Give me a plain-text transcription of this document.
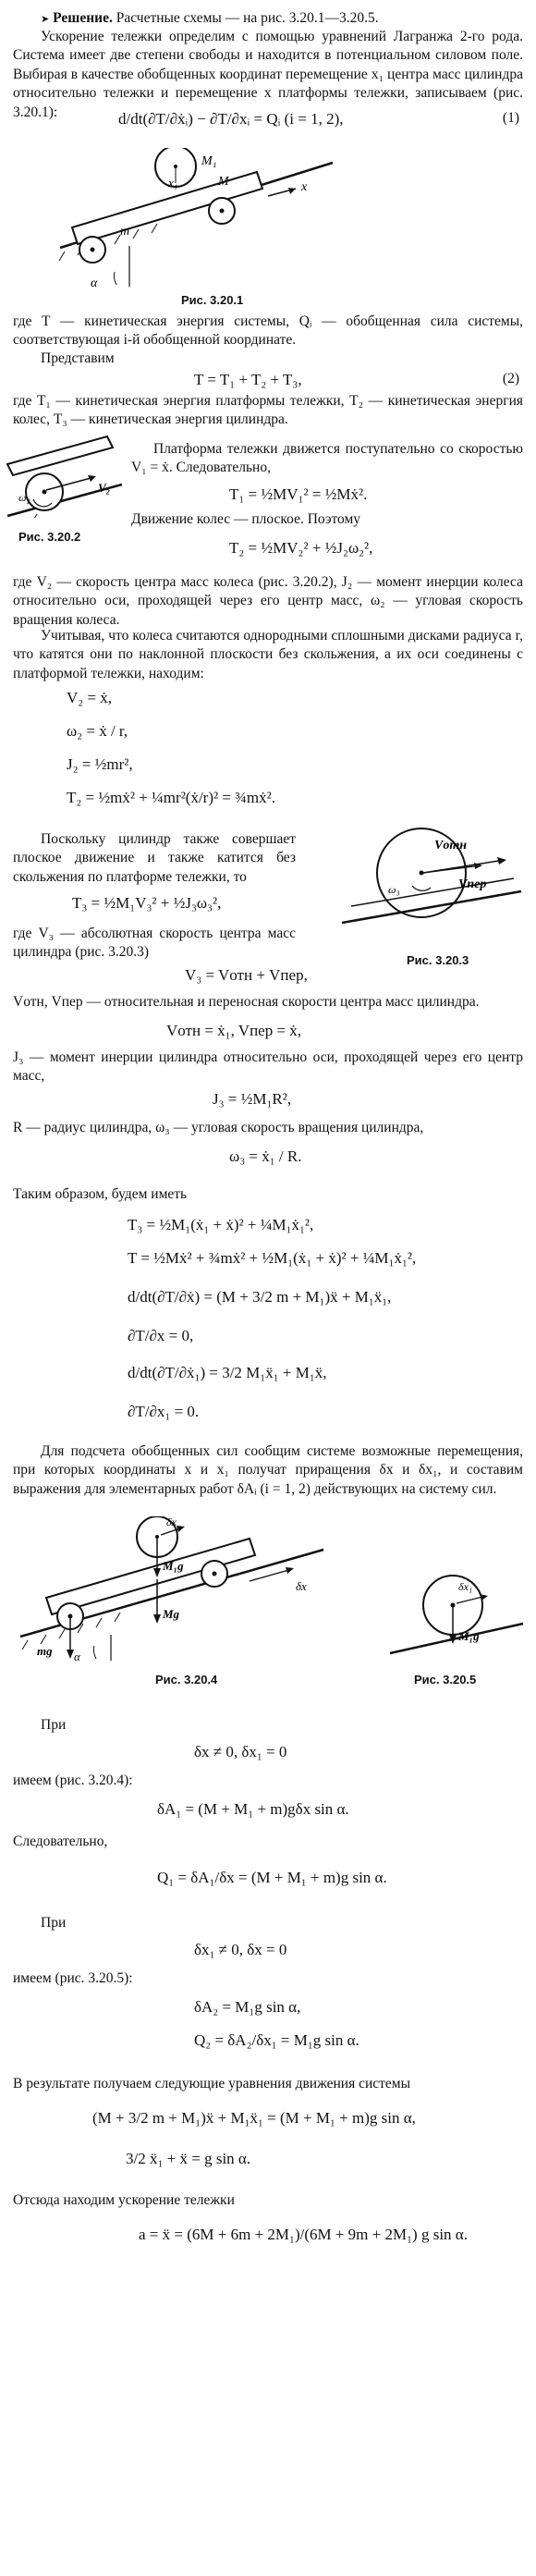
➤ Решение. Расчетные схемы — на рис. 3.20.1—3.20.5.
Ускорение тележки определим с помощью уравнений Лагранжа 2-го рода. Система имеет две степени свободы и находится в потенциальном силовом поле. Выбирая в качестве обобщенных координат перемещение x₁ центра масс цилиндра относительно тележки и перемещение x платформы тележки, записываем (рис. 3.20.1):	d/dt(∂T/∂ẋᵢ) − ∂T/∂xᵢ = Qᵢ (i = 1, 2),	(1)
M₁
x₁	M
m
x
α
Рис. 3.20.1
где T — кинетическая энергия системы, Qᵢ — обобщенная сила системы, соответствующая i-й обобщенной координате.
Представим
T = T₁ + T₂ + T₃,	(2)
где T₁ — кинетическая энергия платформы тележки, T₂ — кинетическая энергия колес, T₃ — кинетическая энергия цилиндра.
ω₂
V₂
Рис. 3.20.2
Платформа тележки движется поступательно со скоростью V₁ = ẋ. Следовательно,
T₁ = ½MV₁² = ½Mẋ².
Движение колес — плоское. Поэтому
T₂ = ½MV₂² + ½J₂ω₂²,
где V₂ — скорость центра масс колеса (рис. 3.20.2), J₂ — момент инерции колеса относительно оси, проходящей через его центр масс, ω₂ — угловая скорость вращения колеса.
Учитывая, что колеса считаются однородными сплошными дисками радиуса r, что катятся они по наклонной плоскости без скольжения, а их оси соединены с платформой тележки, находим:
V₂ = ẋ,
ω₂ = ẋ / r,
J₂ = ½mr²,
T₂ = ½mẋ² + ¼mr²(ẋ/r)² = ¾mẋ².
Поскольку цилиндр также совершает плоское движение и также катится без скольжения по платформе тележки, то
T₃ = ½M₁V₃² + ½J₃ω₃²,
где V₃ — абсолютная скорость центра масс цилиндра (рис. 3.20.3)
V₃ = Vотн + Vпер,
Vотн
ω₃	Vпер
Рис. 3.20.3
Vотн, Vпер — относительная и переносная скорости центра масс цилиндра.
Vотн = ẋ₁, Vпер = ẋ,
J₃ — момент инерции цилиндра относительно оси, проходящей через его центр масс,
J₃ = ½M₁R²,
R — радиус цилиндра, ω₃ — угловая скорость вращения цилиндра,
ω₃ = ẋ₁ / R.
Таким образом, будем иметь
T₃ = ½M₁(ẋ₁ + ẋ)² + ¼M₁ẋ₁²,
T = ½Mẋ² + ¾mẋ² + ½M₁(ẋ₁ + ẋ)² + ¼M₁ẋ₁²,
d/dt(∂T/∂ẋ) = (M + 3/2 m + M₁)ẍ + M₁ẍ₁,
∂T/∂x = 0,
d/dt(∂T/∂ẋ₁) = 3/2 M₁ẍ₁ + M₁ẍ,
∂T/∂x₁ = 0.
Для подсчета обобщенных сил сообщим системе возможные перемещения, при которых координаты x и x₁ получат приращения δx и δx₁, и составим выражения для элементарных работ δAᵢ (i = 1, 2) действующих на систему сил.
δx
M₁g
Mg
mg
δx
α
Рис. 3.20.4
δx₁
M₁g
Рис. 3.20.5
При
δx ≠ 0, δx₁ = 0
имеем (рис. 3.20.4):
δA₁ = (M + M₁ + m)gδx sin α.
Следовательно,
Q₁ = δA₁/δx = (M + M₁ + m)g sin α.
При
δx₁ ≠ 0, δx = 0
имеем (рис. 3.20.5):
δA₂ = M₁g sin α,
Q₂ = δA₂/δx₁ = M₁g sin α.
В результате получаем следующие уравнения движения системы
(M + 3/2 m + M₁)ẍ + M₁ẍ₁ = (M + M₁ + m)g sin α,
3/2 ẍ₁ + ẍ = g sin α.
Отсюда находим ускорение тележки
a = ẍ = (6M + 6m + 2M₁)/(6M + 9m + 2M₁) g sin α.
